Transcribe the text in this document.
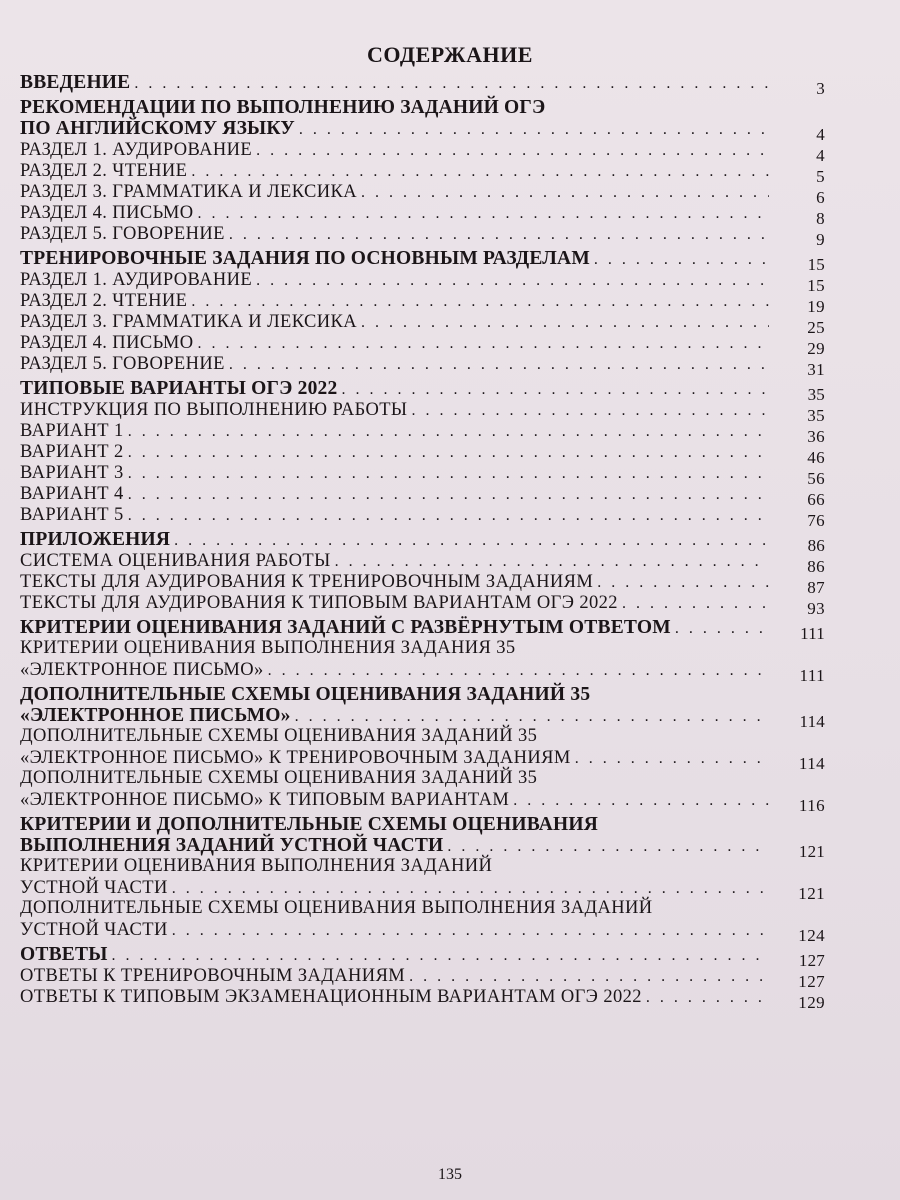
СОДЕРЖАНИЕ
ВВЕДЕНИЕ . . .	3
РЕКОМЕНДАЦИИ ПО ВЫПОЛНЕНИЮ ЗАДАНИЙ ОГЭ
ПО АНГЛИЙСКОМУ ЯЗЫКУ . . .	4
РАЗДЕЛ 1. АУДИРОВАНИЕ . . .	4
РАЗДЕЛ 2. ЧТЕНИЕ . . .	5
РАЗДЕЛ 3. ГРАММАТИКА И ЛЕКСИКА . . .	6
РАЗДЕЛ 4. ПИСЬМО . . .	8
РАЗДЕЛ 5. ГОВОРЕНИЕ . . .	9
ТРЕНИРОВОЧНЫЕ ЗАДАНИЯ ПО ОСНОВНЫМ РАЗДЕЛАМ . . .	15
РАЗДЕЛ 1. АУДИРОВАНИЕ . . .	15
РАЗДЕЛ 2. ЧТЕНИЕ . . .	19
РАЗДЕЛ 3. ГРАММАТИКА И ЛЕКСИКА . . .	25
РАЗДЕЛ 4. ПИСЬМО . . .	29
РАЗДЕЛ 5. ГОВОРЕНИЕ . . .	31
ТИПОВЫЕ ВАРИАНТЫ ОГЭ 2022 . . .	35
ИНСТРУКЦИЯ ПО ВЫПОЛНЕНИЮ РАБОТЫ . . .	35
ВАРИАНТ 1 . . .	36
ВАРИАНТ 2 . . .	46
ВАРИАНТ 3 . . .	56
ВАРИАНТ 4 . . .	66
ВАРИАНТ 5 . . .	76
ПРИЛОЖЕНИЯ . . .	86
СИСТЕМА ОЦЕНИВАНИЯ РАБОТЫ . . .	86
ТЕКСТЫ ДЛЯ АУДИРОВАНИЯ К ТРЕНИРОВОЧНЫМ ЗАДАНИЯМ . . .	87
ТЕКСТЫ ДЛЯ АУДИРОВАНИЯ К ТИПОВЫМ ВАРИАНТАМ ОГЭ 2022 . . .	93
КРИТЕРИИ ОЦЕНИВАНИЯ ЗАДАНИЙ С РАЗВЁРНУТЫМ ОТВЕТОМ . . .	111
КРИТЕРИИ ОЦЕНИВАНИЯ ВЫПОЛНЕНИЯ ЗАДАНИЯ 35
«ЭЛЕКТРОННОЕ ПИСЬМО» . . .	111
ДОПОЛНИТЕЛЬНЫЕ СХЕМЫ ОЦЕНИВАНИЯ ЗАДАНИЙ 35
«ЭЛЕКТРОННОЕ ПИСЬМО» . . .	114
ДОПОЛНИТЕЛЬНЫЕ СХЕМЫ ОЦЕНИВАНИЯ ЗАДАНИЙ 35
«ЭЛЕКТРОННОЕ ПИСЬМО» К ТРЕНИРОВОЧНЫМ ЗАДАНИЯМ . . .	114
ДОПОЛНИТЕЛЬНЫЕ СХЕМЫ ОЦЕНИВАНИЯ ЗАДАНИЙ 35
«ЭЛЕКТРОННОЕ ПИСЬМО» К ТИПОВЫМ ВАРИАНТАМ . . .	116
КРИТЕРИИ И ДОПОЛНИТЕЛЬНЫЕ СХЕМЫ ОЦЕНИВАНИЯ
ВЫПОЛНЕНИЯ ЗАДАНИЙ УСТНОЙ ЧАСТИ . . .	121
КРИТЕРИИ ОЦЕНИВАНИЯ ВЫПОЛНЕНИЯ ЗАДАНИЙ
УСТНОЙ ЧАСТИ . . .	121
ДОПОЛНИТЕЛЬНЫЕ СХЕМЫ ОЦЕНИВАНИЯ ВЫПОЛНЕНИЯ ЗАДАНИЙ
УСТНОЙ ЧАСТИ . . .	124
ОТВЕТЫ . . .	127
ОТВЕТЫ К ТРЕНИРОВОЧНЫМ ЗАДАНИЯМ . . .	127
ОТВЕТЫ К ТИПОВЫМ ЭКЗАМЕНАЦИОННЫМ ВАРИАНТАМ ОГЭ 2022 . . .	129
135
